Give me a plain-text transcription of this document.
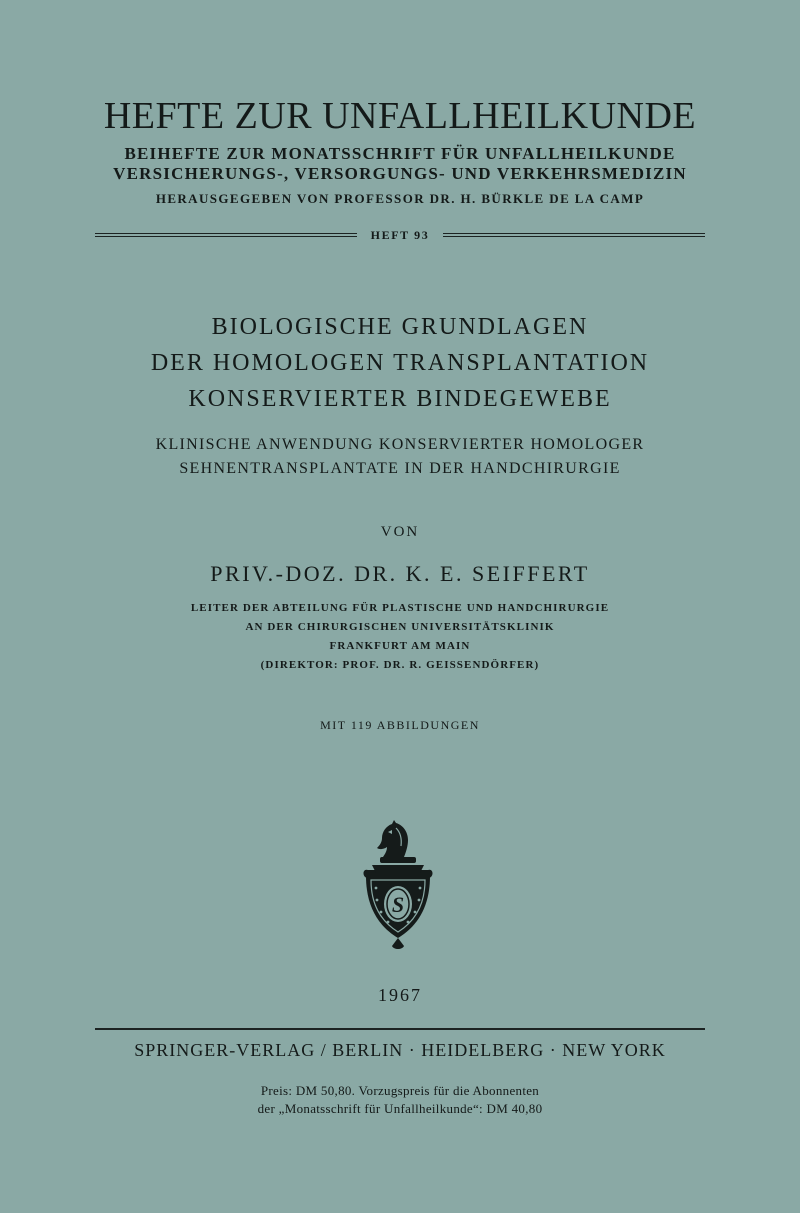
HEFTE ZUR UNFALLHEILKUNDE

BEIHEFTE ZUR MONATSSCHRIFT FÜR UNFALLHEILKUNDE

VERSICHERUNGS-, VERSORGUNGS- UND VERKEHRSMEDIZIN

HERAUSGEGEBEN VON PROFESSOR DR. H. BÜRKLE DE LA CAMP

HEFT 93

BIOLOGISCHE GRUNDLAGEN

DER HOMOLOGEN TRANSPLANTATION

KONSERVIERTER BINDEGEWEBE

KLINISCHE ANWENDUNG KONSERVIERTER HOMOLOGER

SEHNENTRANSPLANTATE IN DER HANDCHIRURGIE

VON

PRIV.-DOZ. DR. K. E. SEIFFERT

LEITER DER ABTEILUNG FÜR PLASTISCHE UND HANDCHIRURGIE

AN DER CHIRURGISCHEN UNIVERSITÄTSKLINIK

FRANKFURT AM MAIN

(DIREKTOR: PROF. DR. R. GEISSENDÖRFER)

MIT 119 ABBILDUNGEN

S

1967

SPRINGER-VERLAG / BERLIN · HEIDELBERG · NEW YORK

Preis: DM 50,80. Vorzugspreis für die Abonnenten

der „Monatsschrift für Unfallheilkunde“: DM 40,80
